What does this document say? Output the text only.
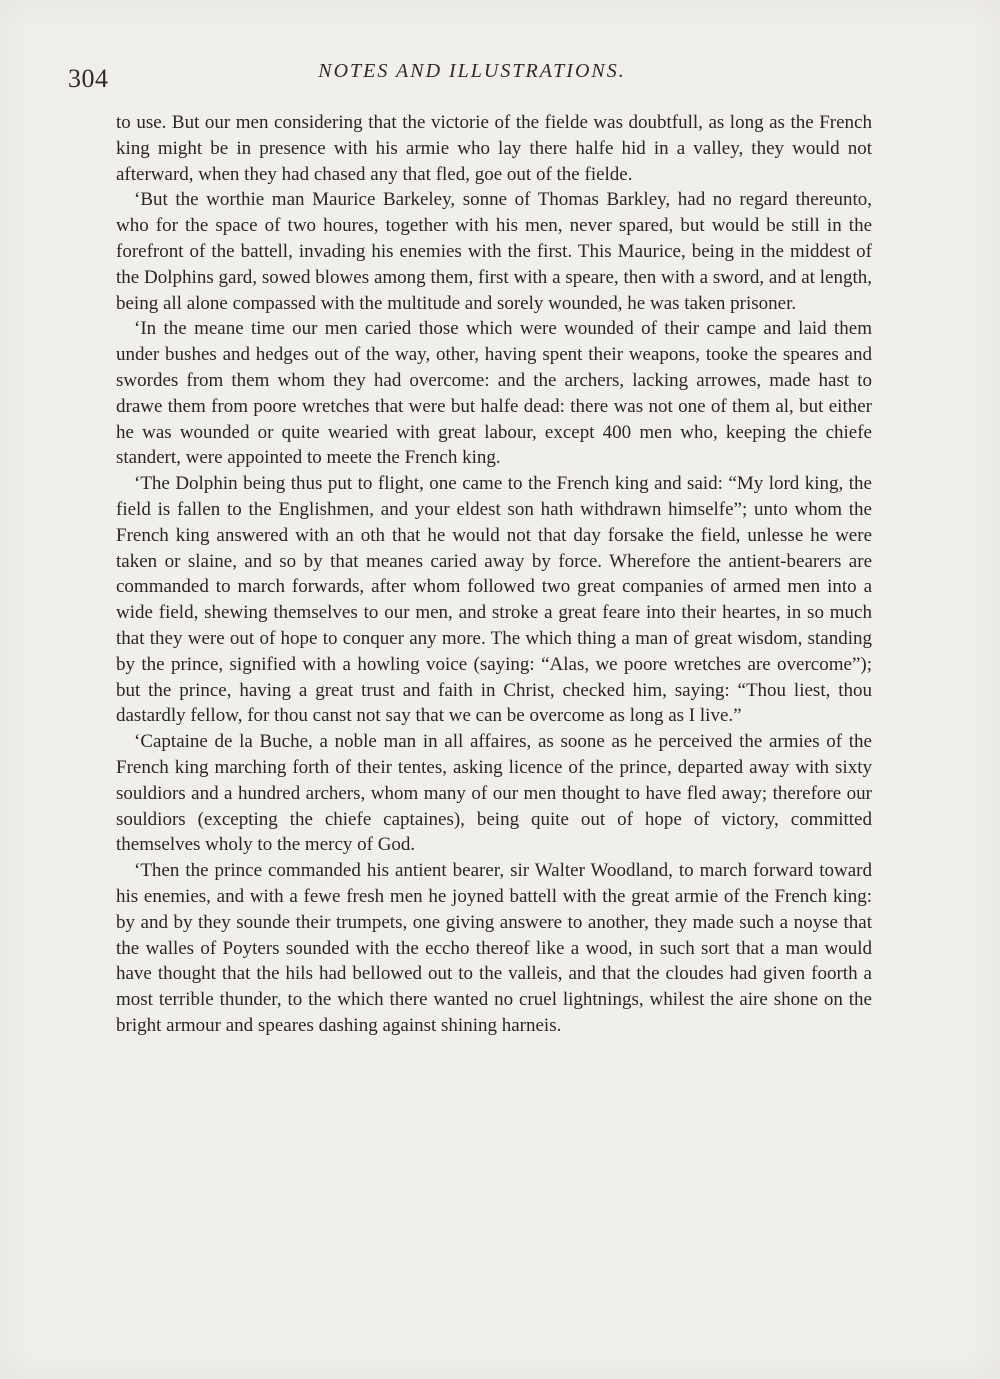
304	NOTES AND ILLUSTRATIONS.

to use. But our men considering that the victorie of the fielde was doubtfull, as long as the French king might be in presence with his armie who lay there halfe hid in a valley, they would not afterward, when they had chased any that fled, goe out of the fielde.

‘But the worthie man Maurice Barkeley, sonne of Thomas Barkley, had no regard thereunto, who for the space of two houres, together with his men, never spared, but would be still in the forefront of the battell, invading his enemies with the first. This Maurice, being in the middest of the Dolphins gard, sowed blowes among them, first with a speare, then with a sword, and at length, being all alone compassed with the multitude and sorely wounded, he was taken prisoner.

‘In the meane time our men caried those which were wounded of their campe and laid them under bushes and hedges out of the way, other, having spent their weapons, tooke the speares and swordes from them whom they had overcome: and the archers, lacking arrowes, made hast to drawe them from poore wretches that were but halfe dead: there was not one of them al, but either he was wounded or quite wearied with great labour, except 400 men who, keeping the chiefe standert, were appointed to meete the French king.

‘The Dolphin being thus put to flight, one came to the French king and said: “My lord king, the field is fallen to the Englishmen, and your eldest son hath withdrawn himselfe”; unto whom the French king answered with an oth that he would not that day forsake the field, unlesse he were taken or slaine, and so by that meanes caried away by force. Wherefore the antient-bearers are commanded to march forwards, after whom followed two great companies of armed men into a wide field, shewing themselves to our men, and stroke a great feare into their heartes, in so much that they were out of hope to conquer any more. The which thing a man of great wisdom, standing by the prince, signified with a howling voice (saying: “Alas, we poore wretches are overcome”); but the prince, having a great trust and faith in Christ, checked him, saying: “Thou liest, thou dastardly fellow, for thou canst not say that we can be overcome as long as I live.”

‘Captaine de la Buche, a noble man in all affaires, as soone as he perceived the armies of the French king marching forth of their tentes, asking licence of the prince, departed away with sixty souldiors and a hundred archers, whom many of our men thought to have fled away; therefore our souldiors (excepting the chiefe captaines), being quite out of hope of victory, committed themselves wholy to the mercy of God.

‘Then the prince commanded his antient bearer, sir Walter Woodland, to march forward toward his enemies, and with a fewe fresh men he joyned battell with the great armie of the French king: by and by they sounde their trumpets, one giving answere to another, they made such a noyse that the walles of Poyters sounded with the eccho thereof like a wood, in such sort that a man would have thought that the hils had bellowed out to the valleis, and that the cloudes had given foorth a most terrible thunder, to the which there wanted no cruel lightnings, whilest the aire shone on the bright armour and speares dashing against shining harneis.
